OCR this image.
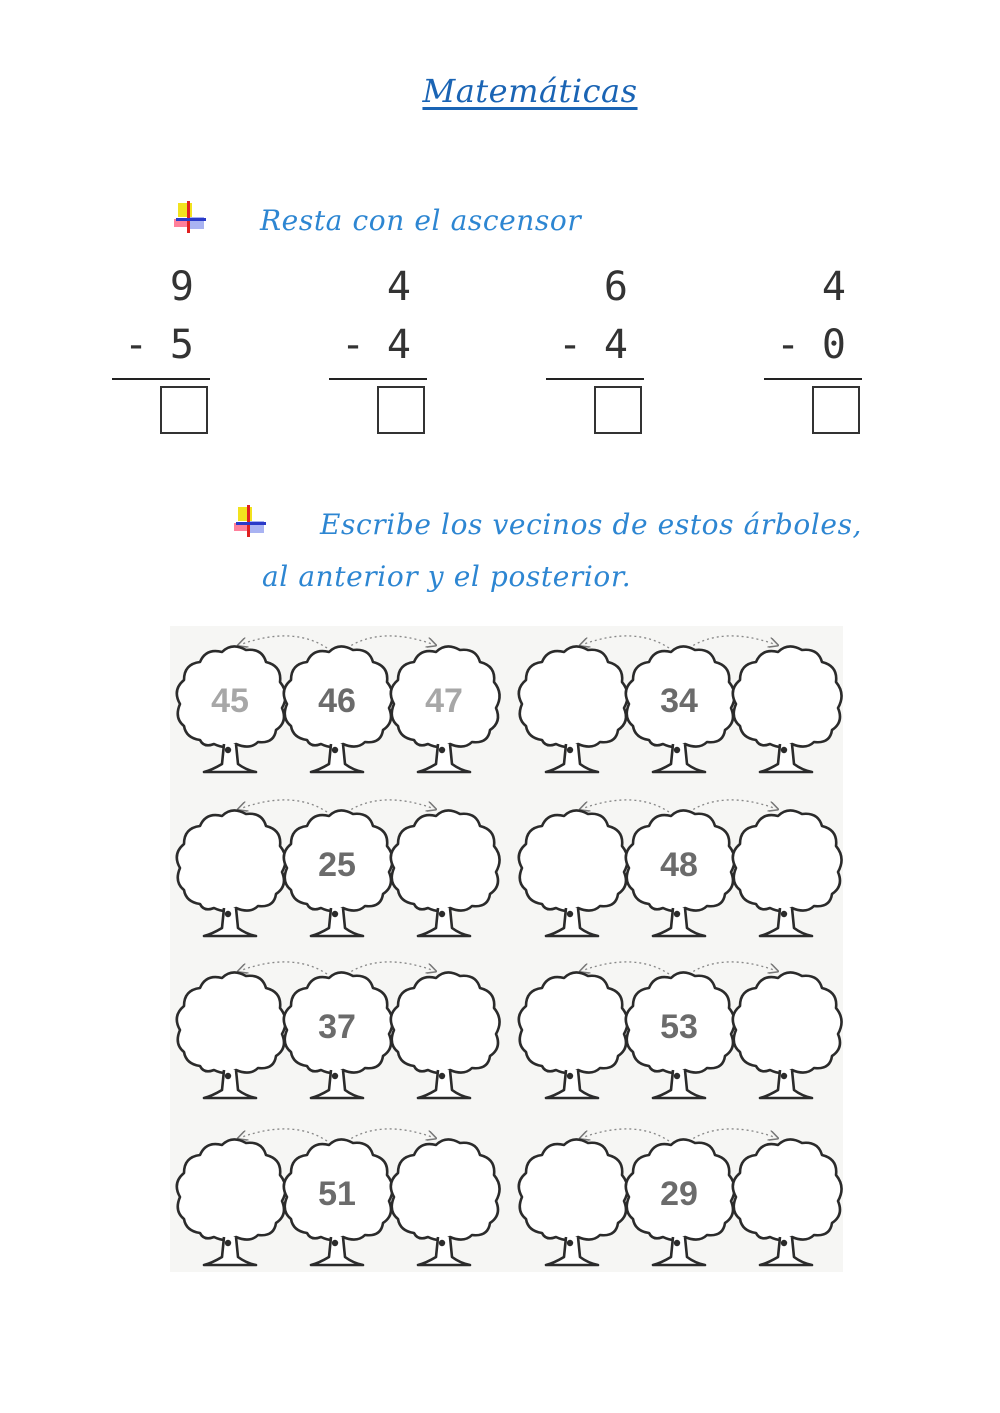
Matemáticas
Resta con el ascensor
9
- 5
4
- 4
6
- 4
4
- 0
Escribe los vecinos de estos árboles,
al anterior y el posterior.
45 46 47	34
25	48
37	53
51	29
